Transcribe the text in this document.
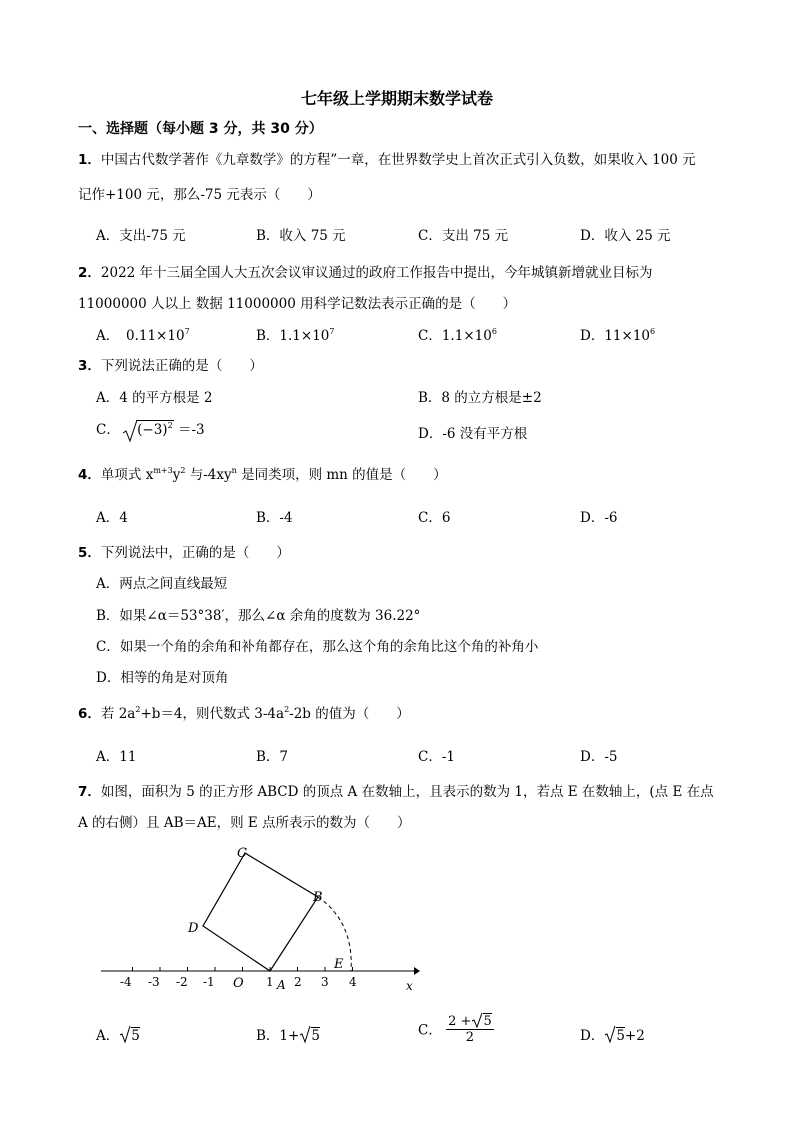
七年级上学期期末数学试卷
一、选择题（每小题 3 分，共 30 分）
1．中国古代数学著作《九章数学》的方程”一章，在世界数学史上首次正式引入负数，如果收入 100 元
记作+100 元，那么-75 元表示（　　）
A．支出-75 元	B．收入 75 元	C．支出 75 元	D．收入 25 元
2．2022 年十三届全国人大五次会议审议通过的政府工作报告中提出，今年城镇新增就业目标为
11000000 人以上 数据 11000000 用科学记数法表示正确的是（　　）
A．　$0.11\times 10^7$	B．$1.1\times 10^7$	C．$1.1\times 10^6$	D．$11\times 10^6$
3．下列说法正确的是（　　）
A．4 的平方根是 2	B．8 的立方根是±2
C． $(-3)^2 =-3$	D．-6 没有平方根
4．单项式 $x^{m+3}y^2$ 与$-4xy^n$ 是同类项，则 mn 的值是（　　）
A．4	B．-4	C．6	D．-6
5．下列说法中，正确的是（　　）
A．两点之间直线最短
B．如果∠α＝53°38′，那么∠α 余角的度数为 36.22°
C．如果一个角的余角和补角都存在，那么这个角的余角比这个角的补角小
D．相等的角是对顶角
6．若 $2a^2+b=4$，则代数式 $3-4a^2-2b$ 的值为（　　）
A．11	B．7	C．-1	D．-5
7．如图，面积为 5 的正方形 ABCD 的顶点 A 在数轴上，且表示的数为 1，若点 E 在数轴上，(点 E 在点
A 的右侧）且 AB＝AE，则 E 点所表示的数为（　　）
C
B
D
E
O	A	x
-4 -3 -2 -1	1 2 3 4
A． 5	B．1+ 5	C． $\frac{2 + 5}{2}$	D． 5+2
